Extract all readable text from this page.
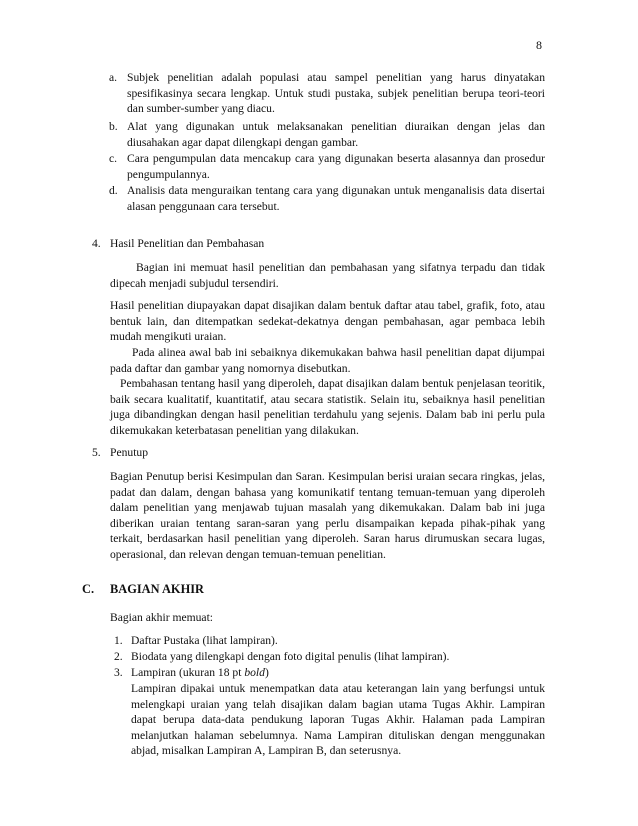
8
a. Subjek penelitian adalah populasi atau sampel penelitian yang harus dinyatakan spesifikasinya secara lengkap. Untuk studi pustaka, subjek penelitian berupa teori-teori dan sumber-sumber yang diacu.
b. Alat yang digunakan untuk melaksanakan penelitian diuraikan dengan jelas dan diusahakan agar dapat dilengkapi dengan gambar.
c. Cara pengumpulan data mencakup cara yang digunakan beserta alasannya dan prosedur pengumpulannya.
d. Analisis data menguraikan tentang cara yang digunakan untuk menganalisis data disertai alasan penggunaan cara tersebut.
4. Hasil Penelitian dan Pembahasan
Bagian ini memuat hasil penelitian dan pembahasan yang sifatnya terpadu dan tidak dipecah menjadi subjudul tersendiri.
Hasil penelitian diupayakan dapat disajikan dalam bentuk daftar atau tabel, grafik, foto, atau bentuk lain, dan ditempatkan sedekat-dekatnya dengan pembahasan, agar pembaca lebih mudah mengikuti uraian.
Pada alinea awal bab ini sebaiknya dikemukakan bahwa hasil penelitian dapat dijumpai pada daftar dan gambar yang nomornya disebutkan.
Pembahasan tentang hasil yang diperoleh, dapat disajikan dalam bentuk penjelasan teoritik, baik secara kualitatif, kuantitatif, atau secara statistik. Selain itu, sebaiknya hasil penelitian juga dibandingkan dengan hasil penelitian terdahulu yang sejenis. Dalam bab ini perlu pula dikemukakan keterbatasan penelitian yang dilakukan.
5. Penutup
Bagian Penutup berisi Kesimpulan dan Saran. Kesimpulan berisi uraian secara ringkas, jelas, padat dan dalam, dengan bahasa yang komunikatif tentang temuan-temuan yang diperoleh dalam penelitian yang menjawab tujuan masalah yang dikemukakan. Dalam bab ini juga diberikan uraian tentang saran-saran yang perlu disampaikan kepada pihak-pihak yang terkait, berdasarkan hasil penelitian yang diperoleh. Saran harus dirumuskan secara lugas, operasional, dan relevan dengan temuan-temuan penelitian.
C. BAGIAN AKHIR
Bagian akhir memuat:
1. Daftar Pustaka (lihat lampiran).
2. Biodata yang dilengkapi dengan foto digital penulis (lihat lampiran).
3. Lampiran (ukuran 18 pt bold)
Lampiran dipakai untuk menempatkan data atau keterangan lain yang berfungsi untuk melengkapi uraian yang telah disajikan dalam bagian utama Tugas Akhir. Lampiran dapat berupa data-data pendukung laporan Tugas Akhir. Halaman pada Lampiran melanjutkan halaman sebelumnya. Nama Lampiran dituliskan dengan menggunakan abjad, misalkan Lampiran A, Lampiran B, dan seterusnya.
